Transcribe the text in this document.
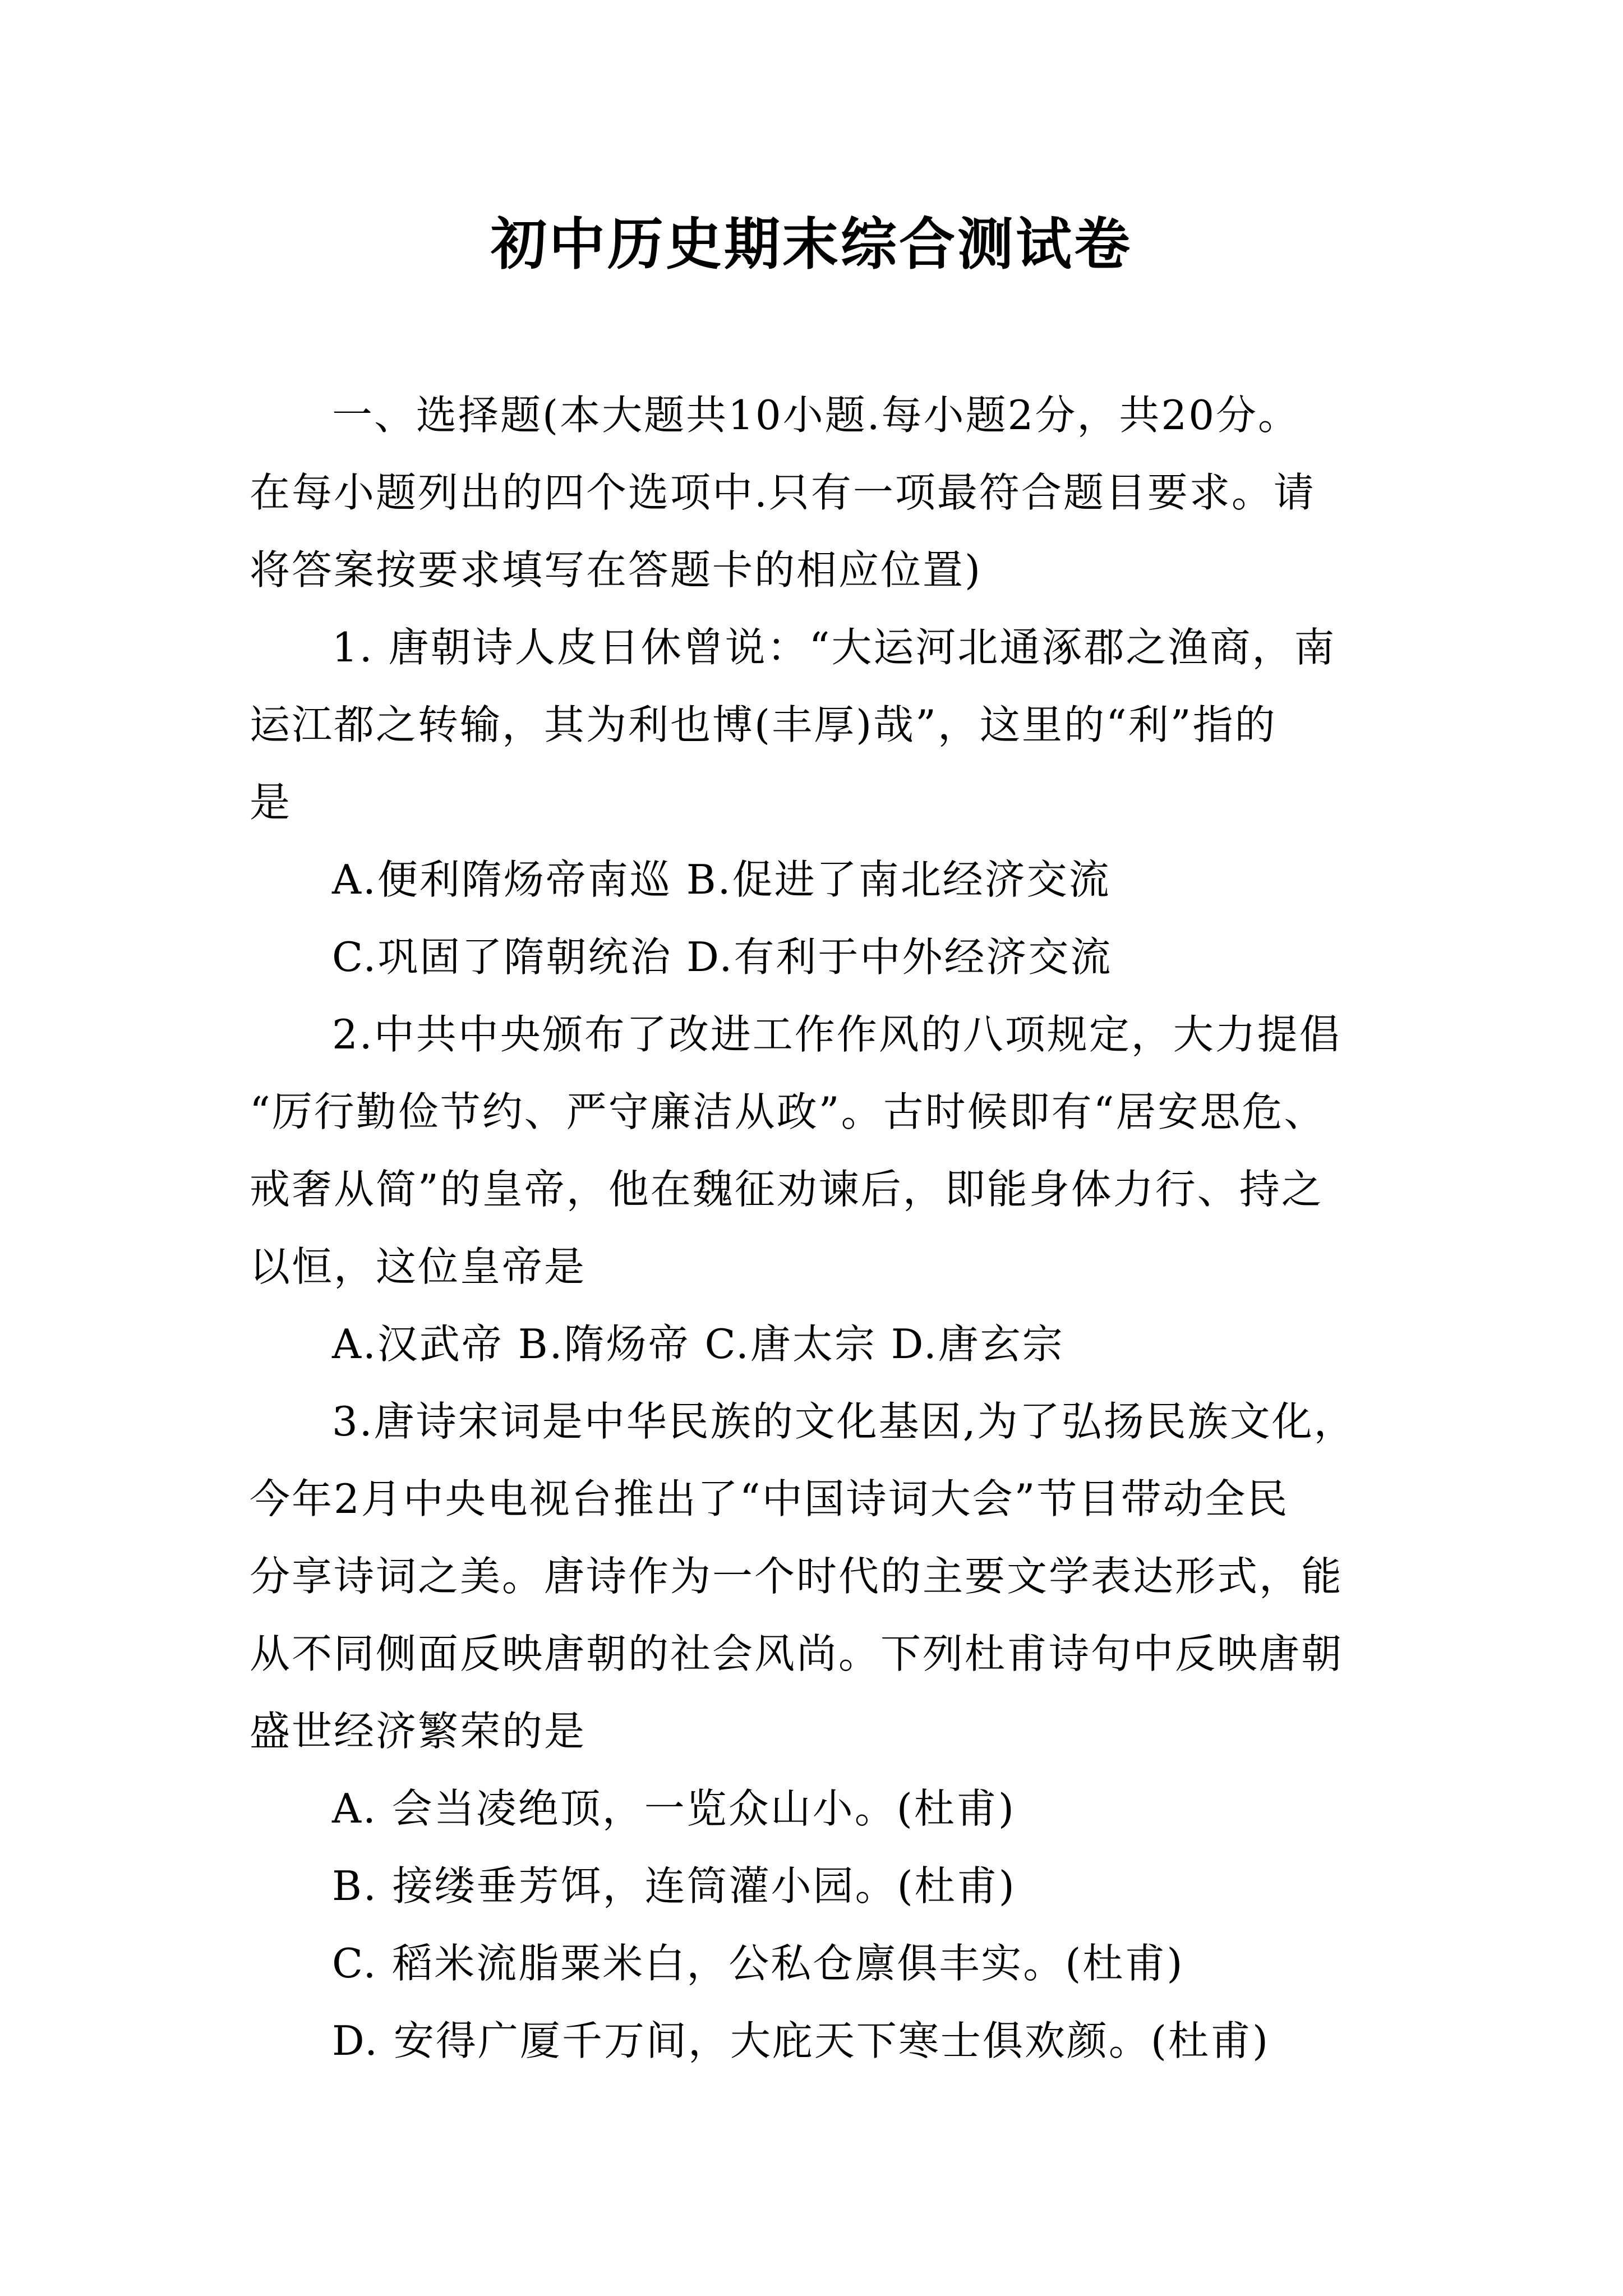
初中历史期末综合测试卷
一、选择题(本大题共10小题.每小题2分，共20分。
在每小题列出的四个选项中.只有一项最符合题目要求。请
将答案按要求填写在答题卡的相应位置)
1. 唐朝诗人皮日休曾说：“大运河北通涿郡之渔商，南
运江都之转输，其为利也博(丰厚)哉”，这里的“利”指的
是
A.便利隋炀帝南巡 B.促进了南北经济交流
C.巩固了隋朝统治 D.有利于中外经济交流
2.中共中央颁布了改进工作作风的八项规定，大力提倡
“厉行勤俭节约、严守廉洁从政”。古时候即有“居安思危、
戒奢从简”的皇帝，他在魏征劝谏后，即能身体力行、持之
以恒，这位皇帝是
A.汉武帝 B.隋炀帝 C.唐太宗 D.唐玄宗
3.唐诗宋词是中华民族的文化基因,为了弘扬民族文化，
今年2月中央电视台推出了“中国诗词大会”节目带动全民
分享诗词之美。唐诗作为一个时代的主要文学表达形式，能
从不同侧面反映唐朝的社会风尚。下列杜甫诗句中反映唐朝
盛世经济繁荣的是
A. 会当凌绝顶，一览众山小。(杜甫)
B. 接缕垂芳饵，连筒灌小园。(杜甫)
C. 稻米流脂粟米白，公私仓廪俱丰实。(杜甫)
D. 安得广厦千万间，大庇天下寒士俱欢颜。(杜甫)
